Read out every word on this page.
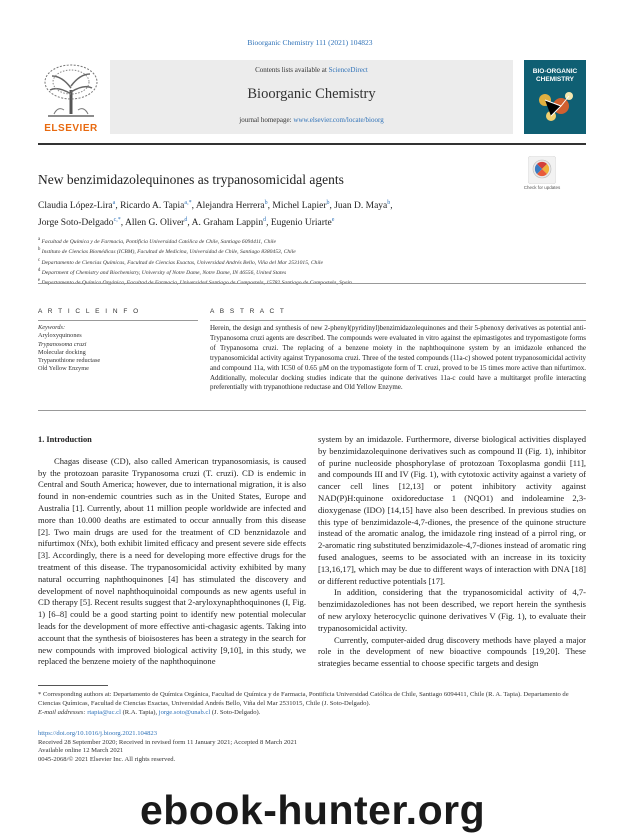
Bioorganic Chemistry 111 (2021) 104823
ELSEVIER
Contents lists available at ScienceDirect
Bioorganic Chemistry
journal homepage: www.elsevier.com/locate/bioorg
BIO-ORGANIC
CHEMISTRY
Check for updates
New benzimidazolequinones as trypanosomicidal agents
Claudia López-Lira$^a$, Ricardo A. Tapia$^{a,*}$, Alejandra Herrera$^b$, Michel Lapier$^b$, Juan D. Maya$^b$,
Jorge Soto-Delgado$^{c,*}$, Allen G. Oliver$^d$, A. Graham Lappin$^d$, Eugenio Uriarte$^e$
$^a$ Facultad de Química y de Farmacia, Pontificia Universidad Católica de Chile, Santiago 6094411, Chile
$^b$ Instituto de Ciencias Biomédicas (ICBM), Facultad de Medicina, Universidad de Chile, Santiago 8380453, Chile
$^c$ Departamento de Ciencias Químicas, Facultad de Ciencias Exactas, Universidad Andrés Bello, Viña del Mar 2531015, Chile
$^d$ Department of Chemistry and Biochemistry, University of Notre Dame, Notre Dame, IN 46556, United States
$^e$
A R T I C L E I N F O	A B S T R A C T
Keywords:
Aryloxyquinones
Trypanosoma cruzi
Molecular docking
Trypanothione reductase
Old Yellow Enzyme
Herein, the design and synthesis of new 2-phenyl(pyridinyl)benzimidazolequinones and their 5-phenoxy derivatives as potential anti-Trypanosoma cruzi agents are described. The compounds were evaluated in vitro against the epimastigotes and trypomastigote forms of Trypanosoma cruzi. The replacing of a benzene moiety in the naphthoquinone system by an imidazole enhanced the trypanosomicidal activity against Trypanosoma cruzi. Three of the tested compounds (11a-c) showed potent trypanosomicidal activity and compound 11a, with IC50 of 0.65 μM on the trypomastigote form of T. cruzi, proved to be 15 times more active than nifurtimox. Additionally, molecular docking studies indicate that the quinone derivatives 11a-c could have a multitarget profile interacting preferentially with trypanothione reductase and Old Yellow Enzyme.

1. Introduction

Chagas disease (CD), also called American trypanosomiasis, is caused by the protozoan parasite Trypanosoma cruzi (T. cruzi). CD is endemic in Central and South America; however, due to international migration, it is also found in non-endemic countries such as in the United States, Europe and Australia [1]. Currently, about 11 million people worldwide are infected and more than 10.000 deaths are estimated to occur annually from this disease [2]. Two main drugs are used for the treatment of CD benznidazole and nifurtimox (Nfx), both exhibit limited efficacy and present severe side effects [3]. Accordingly, there is a need for developing more effective drugs for the treatment of this disease. The trypanosomicidal activity exhibited by many natural occurring naphthoquinones [4] has stimulated the discovery and development of novel naphthoquinoidal compounds as new agents useful in CD therapy [5]. Recent results suggest that 2-aryloxynaphthoquinones (I, Fig. 1) [6–8] could be a good starting point to identify new potential molecular leads for the development of more effective anti-chagasic agents. Taking into account that the synthesis of bioisosteres has been a strategy in the search for new compounds with improved biological activity [9,10], in this study, we replaced the benzene moiety of the naphthoquinone

system by an imidazole. Furthermore, diverse biological activities displayed by benzimidazolequinone derivatives such as compound II (Fig. 1), inhibitor of purine nucleoside phosphorylase of protozoan Toxoplasma gondii [11], and compounds III and IV (Fig. 1), with cytotoxic activity against a variety of cancer cell lines [12,13] or potent inhibitory activity against NAD(P)H:quinone oxidoreductase 1 (NQO1) and indoleamine 2,3-dioxygenase (IDO) [14,15] have also been described. In previous studies on this type of benzimidazole-4,7-diones, the presence of the quinone structure instead of the aromatic analog, the imidazole ring instead of a pirrol ring, or 2-aromatic ring substituted benzimidazole-4,7-diones instead of aromatic ring fused analogues, seems to be associated with an increase in its toxicity [13,16,17], which may be due to different ways of interaction with DNA [18] or different reductive potentials [17].

In addition, considering that the trypanosomicidal activity of 4,7-benzimidazoledіones has not been described, we report herein the synthesis of new aryloxy heterocyclic quinone derivatives V (Fig. 1), to evaluate their trypanosomicidal activity.

Currently, computer-aided drug discovery methods have played a major role in the development of new bioactive compounds [19,20]. These strategies became essential to choose specific targets and design

* Corresponding authors at: Departamento de Química Orgánica, Facultad de Química y de Farmacia, Pontificia Universidad Católica de Chile, Santiago 6094411, Chile (R. A. Tapia). Departamento de Ciencias Químicas, Facultad de Ciencias Exactas, Universidad Andrés Bello, Viña del Mar 2531015, Chile (J. Soto-Delgado).
E-mail addresses: rtapia@uc.cl (R.A. Tapia), jorge.soto@unab.cl (J. Soto-Delgado).
https://doi.org/10.1016/j.bioorg.2021.104823
Received 28 September 2020; Received in revised form 11 January 2021; Accepted 8 March 2021
Available online 12 March 2021
0045-2068/© 2021 Elsevier Inc. All rights reserved.
ebook-hunter.org
